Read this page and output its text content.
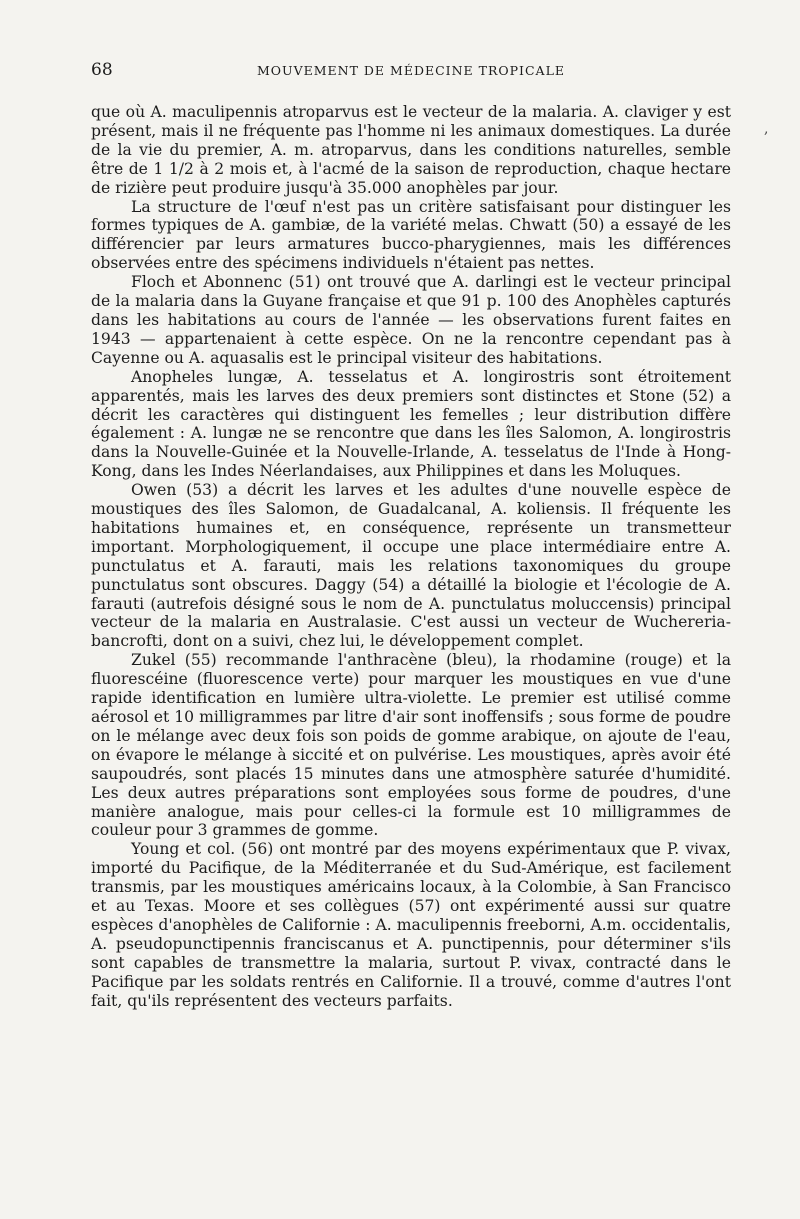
68	MOUVEMENT DE MÉDECINE TROPICALE
,

que où A. maculipennis atroparvus est le vecteur de la malaria. A. claviger y est présent, mais il ne fréquente pas l'homme ni les animaux domestiques. La durée de la vie du premier, A. m. atroparvus, dans les conditions naturelles, semble être de 1 1/2 à 2 mois et, à l'acmé de la saison de reproduction, chaque hectare de rizière peut produire jusqu'à 35.000 anophèles par jour.

La structure de l'œuf n'est pas un critère satisfaisant pour distinguer les formes typiques de A. gambiæ, de la variété melas. Chwatt (50) a essayé de les différencier par leurs armatures bucco-pharygiennes, mais les différences observées entre des spécimens individuels n'étaient pas nettes.

Floch et Abonnenc (51) ont trouvé que A. darlingi est le vecteur principal de la malaria dans la Guyane française et que 91 p. 100 des Anophèles capturés dans les habitations au cours de l'année — les observations furent faites en 1943 — appartenaient à cette espèce. On ne la rencontre cependant pas à Cayenne ou A. aquasalis est le principal visiteur des habitations.

Anopheles lungæ, A. tesselatus et A. longirostris sont étroitement apparentés, mais les larves des deux premiers sont distinctes et Stone (52) a décrit les caractères qui distinguent les femelles ; leur distribution diffère également : A. lungæ ne se rencontre que dans les îles Salomon, A. longirostris dans la Nouvelle-Guinée et la Nouvelle-Irlande, A. tesselatus de l'Inde à Hong-Kong, dans les Indes Néerlandaises, aux Philippines et dans les Moluques.

Owen (53) a décrit les larves et les adultes d'une nouvelle espèce de moustiques des îles Salomon, de Guadalcanal, A. koliensis. Il fréquente les habitations humaines et, en conséquence, représente un transmetteur important. Morphologiquement, il occupe une place intermédiaire entre A. punctulatus et A. farauti, mais les relations taxonomiques du groupe punctulatus sont obscures. Daggy (54) a détaillé la biologie et l'écologie de A. farauti (autrefois désigné sous le nom de A. punctulatus moluccensis) principal vecteur de la malaria en Australasie. C'est aussi un vecteur de Wuchereria-bancrofti, dont on a suivi, chez lui, le développement complet.

Zukel (55) recommande l'anthracène (bleu), la rhodamine (rouge) et la fluorescéine (fluorescence verte) pour marquer les moustiques en vue d'une rapide identification en lumière ultra-violette. Le premier est utilisé comme aérosol et 10 milligrammes par litre d'air sont inoffensifs ; sous forme de poudre on le mélange avec deux fois son poids de gomme arabique, on ajoute de l'eau, on évapore le mélange à siccité et on pulvérise. Les moustiques, après avoir été saupoudrés, sont placés 15 minutes dans une atmosphère saturée d'humidité. Les deux autres préparations sont employées sous forme de poudres, d'une manière analogue, mais pour celles-ci la formule est 10 milligrammes de couleur pour 3 grammes de gomme.

Young et col. (56) ont montré par des moyens expérimentaux que P. vivax, importé du Pacifique, de la Méditerranée et du Sud-Amérique, est facilement transmis, par les moustiques américains locaux, à la Colombie, à San Francisco et au Texas. Moore et ses collègues (57) ont expérimenté aussi sur quatre espèces d'anophèles de Californie : A. maculipennis freeborni, A.m. occidentalis, A. pseudopunctipennis franciscanus et A. punctipennis, pour déterminer s'ils sont capables de transmettre la malaria, surtout P. vivax, contracté dans le Pacifique par les soldats rentrés en Californie. Il a trouvé, comme d'autres l'ont fait, qu'ils représentent des vecteurs parfaits.
